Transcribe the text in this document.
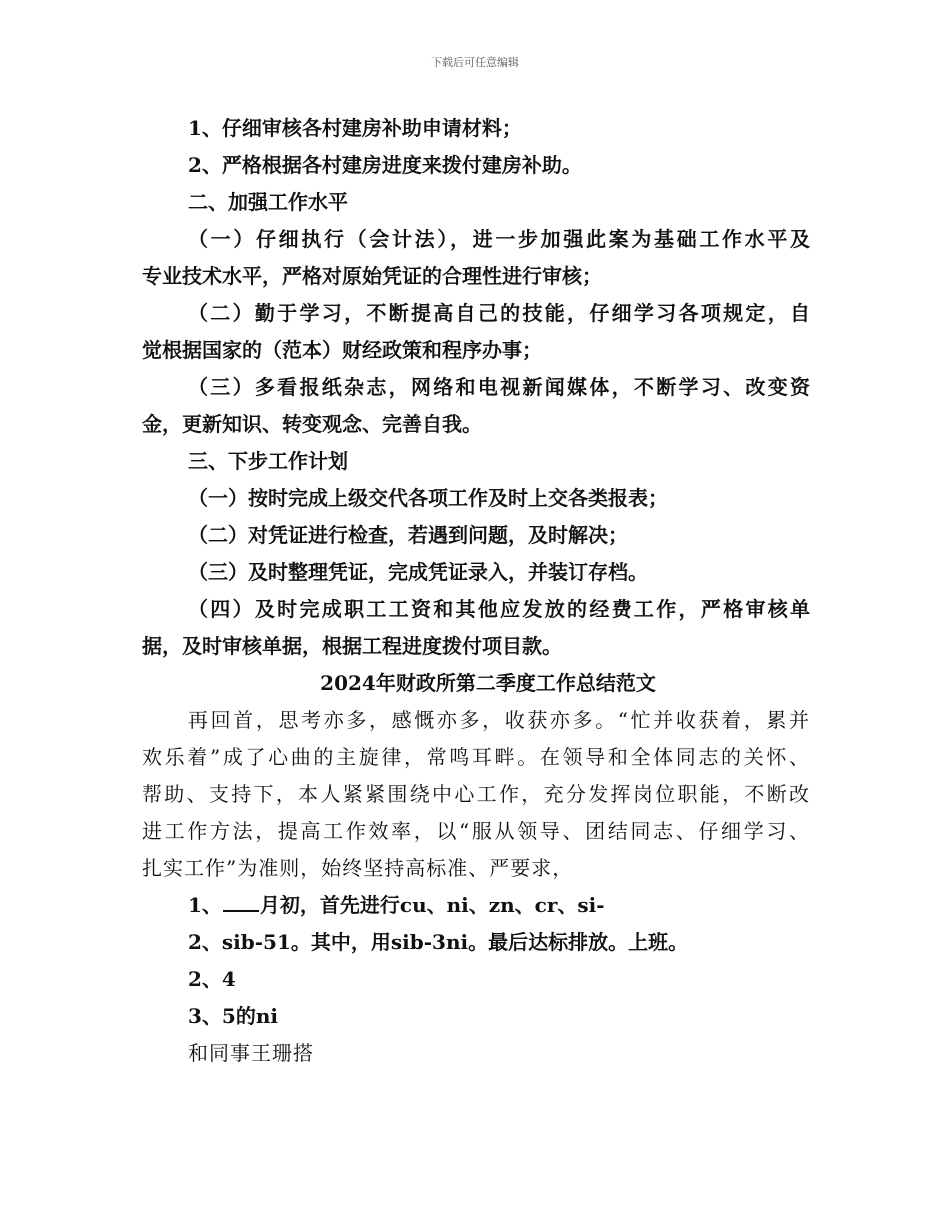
下载后可任意编辑

1、仔细审核各村建房补助申请材料；

2、严格根据各村建房进度来拨付建房补助。

二、加强工作水平

（一）仔细执行（会计法），进一步加强此案为基础工作水平及

专业技术水平，严格对原始凭证的合理性进行审核；

（二）勤于学习，不断提高自己的技能，仔细学习各项规定，自

觉根据国家的（范本）财经政策和程序办事；

（三）多看报纸杂志，网络和电视新闻媒体，不断学习、改变资

金，更新知识、转变观念、完善自我。

三、下步工作计划

（一）按时完成上级交代各项工作及时上交各类报表；

（二）对凭证进行检查，若遇到问题，及时解决；

（三）及时整理凭证，完成凭证录入，并装订存档。

（四）及时完成职工工资和其他应发放的经费工作，严格审核单

据，及时审核单据，根据工程进度拨付项目款。

2024年财政所第二季度工作总结范文

再回首，思考亦多，感慨亦多，收获亦多。“忙并收获着，累并

欢乐着”成了心曲的主旋律，常鸣耳畔。在领导和全体同志的关怀、

帮助、支持下，本人紧紧围绕中心工作，充分发挥岗位职能，不断改

进工作方法，提高工作效率，以“服从领导、团结同志、仔细学习、

扎实工作”为准则，始终坚持高标准、严要求，

1、 月初，首先进行cu、ni、zn、cr、si-

2、sib-51。其中，用sib-3ni。最后达标排放。上班。

2、4

3、5的ni

和同事王珊搭
